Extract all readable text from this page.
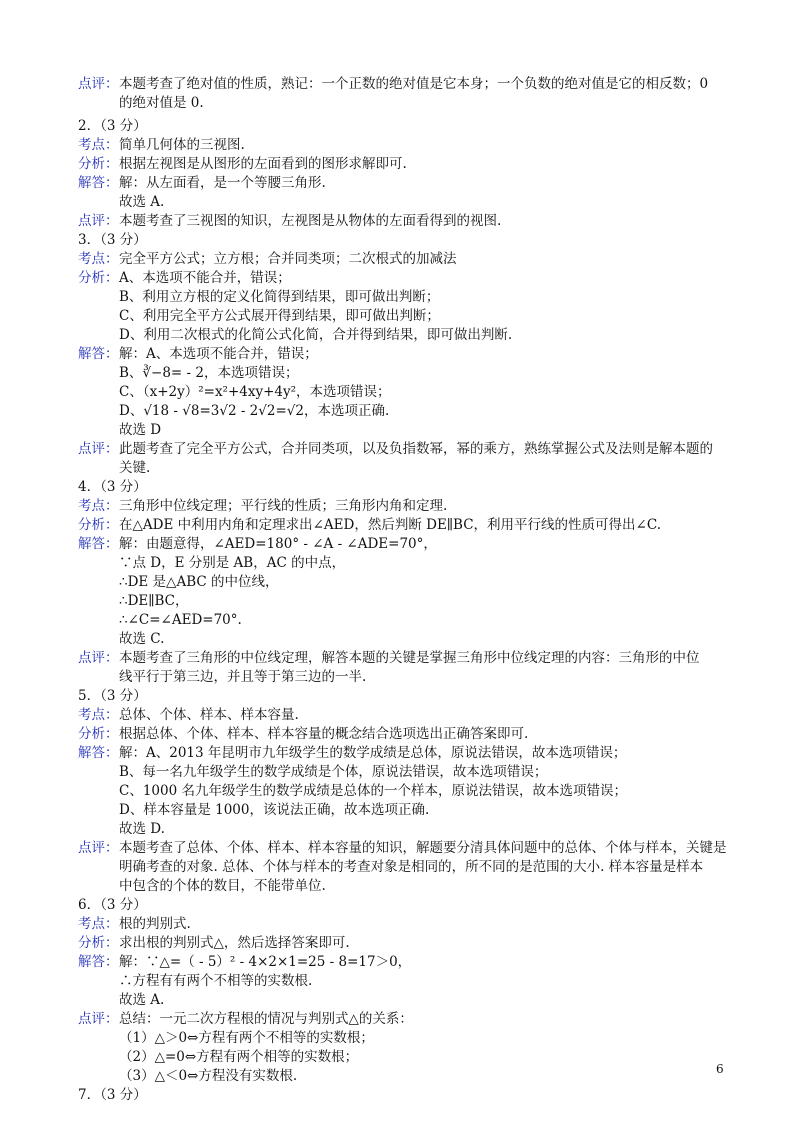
点评： 本题考查了绝对值的性质，熟记：一个正数的绝对值是它本身；一个负数的绝对值是它的相反数；0
的绝对值是 0.
2．（3 分）
考点： 简单几何体的三视图.
分析： 根据左视图是从图形的左面看到的图形求解即可.
解答： 解：从左面看，是一个等腰三角形.
故选 A.
点评： 本题考查了三视图的知识，左视图是从物体的左面看得到的视图.
3．（3 分）
考点： 完全平方公式；立方根；合并同类项；二次根式的加减法
分析： A、本选项不能合并，错误；
B、利用立方根的定义化简得到结果，即可做出判断；
C、利用完全平方公式展开得到结果，即可做出判断；
D、利用二次根式的化简公式化简，合并得到结果，即可做出判断.
解答： 解：A、本选项不能合并，错误；
B、∛−8= - 2，本选项错误；
C、（x+2y）²=x²+4xy+4y²，本选项错误；
D、√18 - √8=3√2 - 2√2=√2，本选项正确.
故选 D
点评： 此题考查了完全平方公式，合并同类项，以及负指数幂，幂的乘方，熟练掌握公式及法则是解本题的
关键.
4．（3 分）
考点： 三角形中位线定理；平行线的性质；三角形内角和定理.
分析： 在△ADE 中利用内角和定理求出∠AED，然后判断 DE∥BC，利用平行线的性质可得出∠C.
解答： 解：由题意得，∠AED=180° - ∠A - ∠ADE=70°，
∵点 D，E 分别是 AB，AC 的中点，
∴DE 是△ABC 的中位线，
∴DE∥BC，
∴∠C=∠AED=70°.
故选 C.
点评： 本题考查了三角形的中位线定理，解答本题的关键是掌握三角形中位线定理的内容：三角形的中位
线平行于第三边，并且等于第三边的一半.
5．（3 分）
考点： 总体、个体、样本、样本容量.
分析： 根据总体、个体、样本、样本容量的概念结合选项选出正确答案即可.
解答： 解：A、2013 年昆明市九年级学生的数学成绩是总体，原说法错误，故本选项错误；
B、每一名九年级学生的数学成绩是个体，原说法错误，故本选项错误；
C、1000 名九年级学生的数学成绩是总体的一个样本，原说法错误，故本选项错误；
D、样本容量是 1000，该说法正确，故本选项正确.
故选 D.
点评： 本题考查了总体、个体、样本、样本容量的知识，解题要分清具体问题中的总体、个体与样本，关键是
明确考查的对象. 总体、个体与样本的考查对象是相同的，所不同的是范围的大小. 样本容量是样本
中包含的个体的数目，不能带单位.
6．（3 分）
考点： 根的判别式.
分析： 求出根的判别式△，然后选择答案即可.
解答： 解：∵△=（ - 5）² - 4×2×1=25 - 8=17＞0，
∴方程有有两个不相等的实数根.
故选 A.
点评： 总结：一元二次方程根的情况与判别式△的关系：
（1）△＞0⇔方程有两个不相等的实数根；
（2）△=0⇔方程有两个相等的实数根；
（3）△＜0⇔方程没有实数根.
7．（3 分）
6
